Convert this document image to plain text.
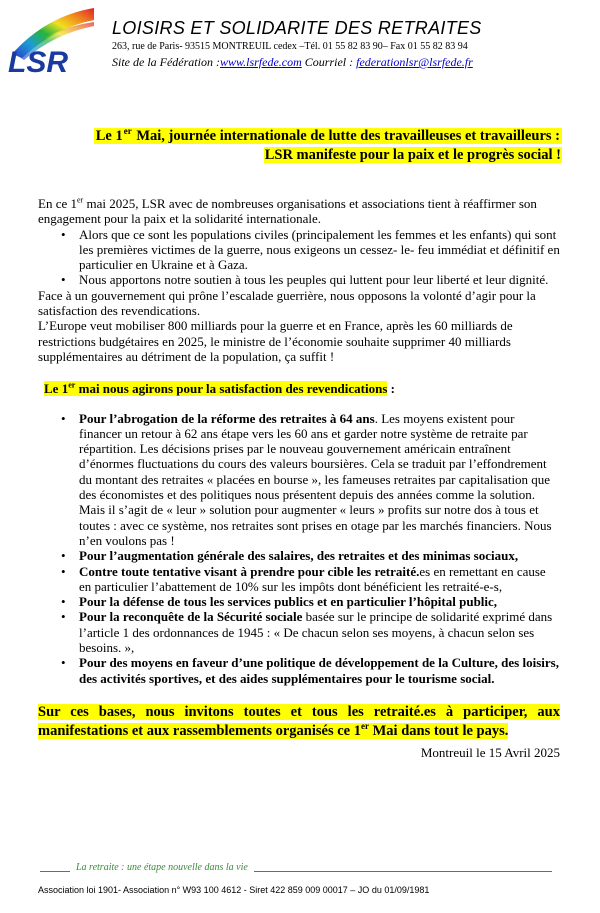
LSR
LOISIRS ET SOLIDARITE DES RETRAITES
263, rue de Paris- 93515 MONTREUIL cedex –Tél. 01 55 82 83 90– Fax 01 55 82 83 94
Site de la Fédération :www.lsrfede.com Courriel : federationlsr@lsrfede.fr
Le 1er Mai, journée internationale de lutte des travailleuses et travailleurs :
LSR manifeste pour la paix et le progrès social !

En ce 1er mai 2025, LSR avec de nombreuses organisations et associations tient à réaffirmer son engagement pour la paix et la solidarité internationale.

• Alors que ce sont les populations civiles (principalement les femmes et les enfants) qui sont les premières victimes de la guerre, nous exigeons un cessez- le- feu immédiat et définitif en particulier en Ukraine et à Gaza.
• Nous apportons notre soutien à tous les peuples qui luttent pour leur liberté et leur dignité.

Face à un gouvernement qui prône l’escalade guerrière, nous opposons la volonté d’agir pour la satisfaction des revendications.

L’Europe veut mobiliser 800 milliards pour la guerre et en France, après les 60 milliards de restrictions budgétaires en 2025, le ministre de l’économie souhaite supprimer 40 milliards supplémentaires au détriment de la population, ça suffit !

Le 1er mai nous agirons pour la satisfaction des revendications :

• Pour l’abrogation de la réforme des retraites à 64 ans. Les moyens existent pour financer un retour à 62 ans étape vers les 60 ans et garder notre système de retraite par répartition. Les décisions prises par le nouveau gouvernement américain entraînent d’énormes fluctuations du cours des valeurs boursières. Cela se traduit par l’effondrement du montant des retraites « placées en bourse », les fameuses retraites par capitalisation que des économistes et des politiques nous présentent depuis des années comme la solution. Mais il s’agit de « leur » solution pour augmenter « leurs » profits sur notre dos à tous et toutes : avec ce système, nos retraites sont prises en otage par les marchés financiers. Nous n’en voulons pas !
• Pour l’augmentation générale des salaires, des retraites et des minimas sociaux,
• Contre toute tentative visant à prendre pour cible les retraité.es en remettant en cause en particulier l’abattement de 10% sur les impôts dont bénéficient les retraité-e-s,
• Pour la défense de tous les services publics et en particulier l’hôpital public,
• Pour la reconquête de la Sécurité sociale basée sur le principe de solidarité exprimé dans l’article 1 des ordonnances de 1945 : « De chacun selon ses moyens, à chacun selon ses besoins. »,
• Pour des moyens en faveur d’une politique de développement de la Culture, des loisirs, des activités sportives, et des aides supplémentaires pour le tourisme social.

Sur ces bases, nous invitons toutes et tous les retraité.es à participer, aux manifestations et aux rassemblements organisés ce 1er Mai dans tout le pays.

Montreuil le 15 Avril 2025

La retraite : une étape nouvelle dans la vie
Association loi 1901- Association n° W93 100 4612 - Siret 422 859 009 00017 – JO du 01/09/1981
